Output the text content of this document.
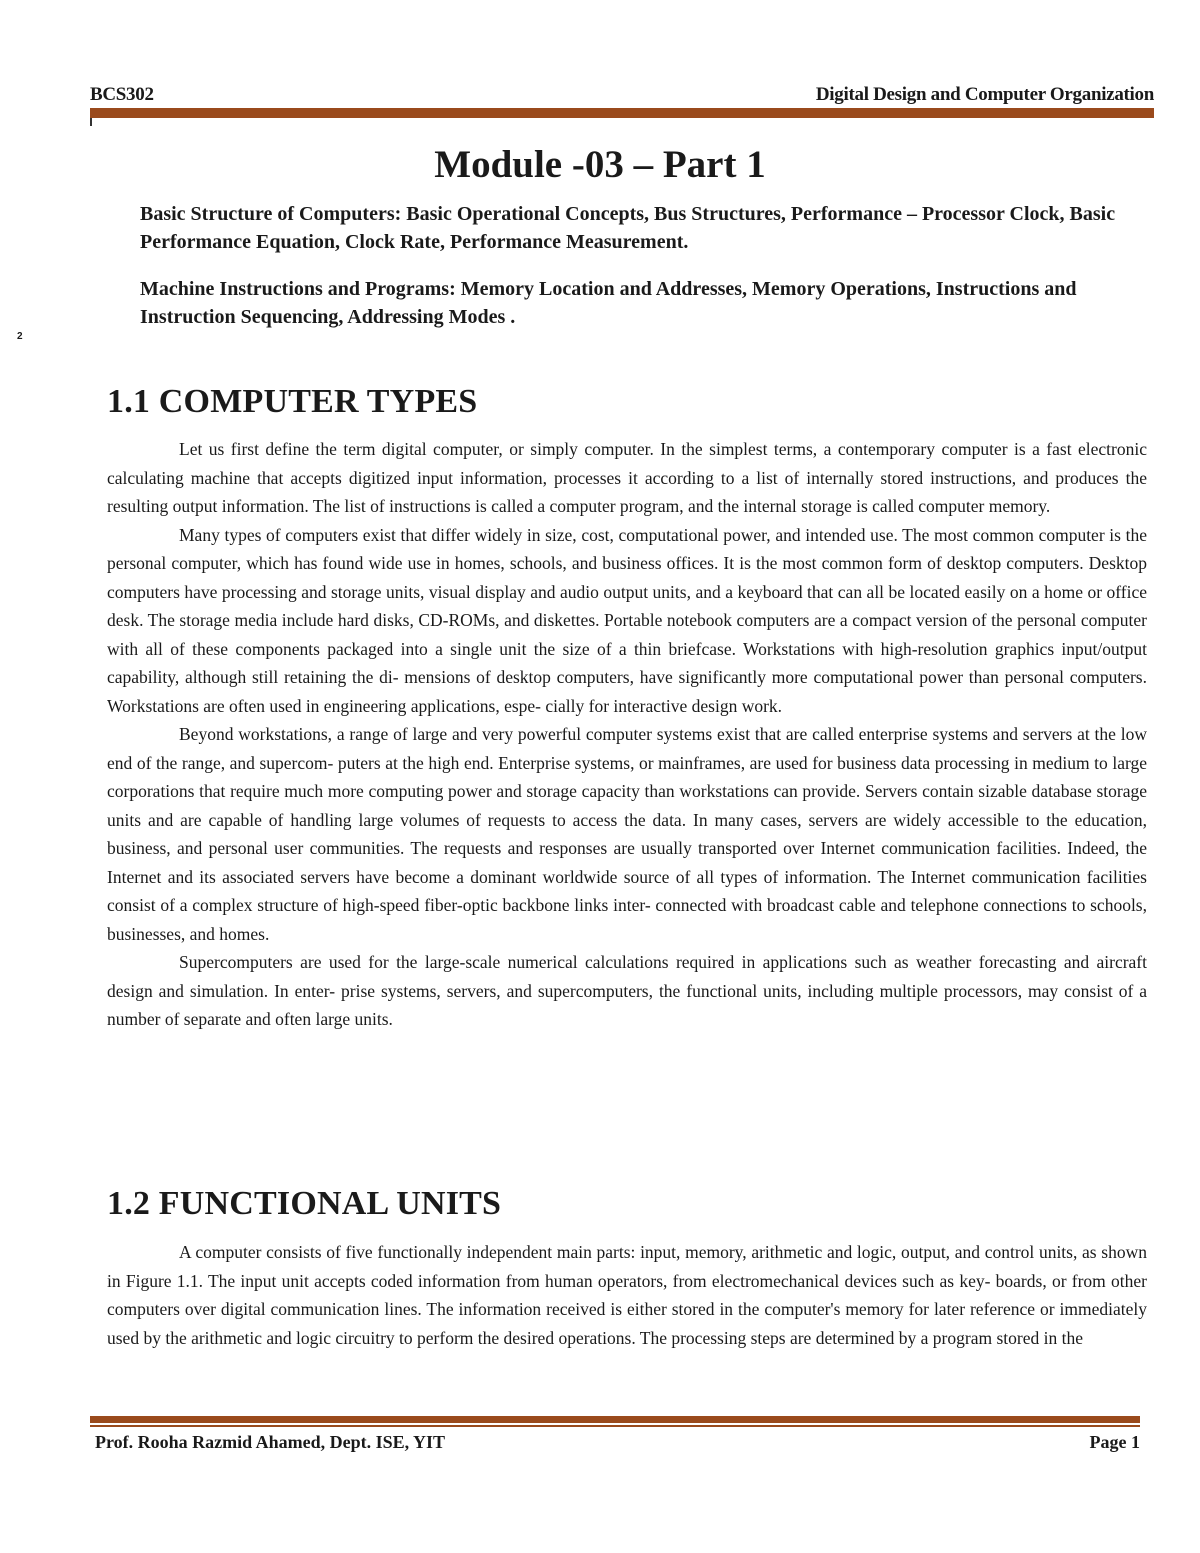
BCS302	Digital Design and Computer Organization
Module -03 – Part 1
Basic Structure of Computers: Basic Operational Concepts, Bus Structures, Performance – Processor Clock, Basic Performance Equation, Clock Rate, Performance Measurement.
Machine Instructions and Programs: Memory Location and Addresses, Memory Operations, Instructions and Instruction Sequencing, Addressing Modes .
2
1.1 COMPUTER TYPES

Let us first define the term digital computer, or simply computer. In the simplest terms, a contemporary computer is a fast electronic calculating machine that accepts digitized input information, processes it according to a list of internally stored instructions, and produces the resulting output information. The list of instructions is called a computer program, and the internal storage is called computer memory.

Many types of computers exist that differ widely in size, cost, computational power, and intended use. The most common computer is the personal computer, which has found wide use in homes, schools, and business offices. It is the most common form of desktop computers. Desktop computers have processing and storage units, visual display and audio output units, and a keyboard that can all be located easily on a home or office desk. The storage media include hard disks, CD-ROMs, and diskettes. Portable notebook computers are a compact version of the personal computer with all of these components packaged into a single unit the size of a thin briefcase. Workstations with high-resolution graphics input/output capability, although still retaining the di- mensions of desktop computers, have significantly more computational power than personal computers. Workstations are often used in engineering applications, espe- cially for interactive design work.

Beyond workstations, a range of large and very powerful computer systems exist that are called enterprise systems and servers at the low end of the range, and supercom- puters at the high end. Enterprise systems, or mainframes, are used for business data processing in medium to large corporations that require much more computing power and storage capacity than workstations can provide. Servers contain sizable database storage units and are capable of handling large volumes of requests to access the data. In many cases, servers are widely accessible to the education, business, and personal user communities. The requests and responses are usually transported over Internet communication facilities. Indeed, the Internet and its associated servers have become a dominant worldwide source of all types of information. The Internet communication facilities consist of a complex structure of high-speed fiber-optic backbone links inter- connected with broadcast cable and telephone connections to schools, businesses, and homes.

Supercomputers are used for the large-scale numerical calculations required in applications such as weather forecasting and aircraft design and simulation. In enter- prise systems, servers, and supercomputers, the functional units, including multiple processors, may consist of a number of separate and often large units.

1.2 FUNCTIONAL UNITS

A computer consists of five functionally independent main parts: input, memory, arithmetic and logic, output, and control units, as shown in Figure 1.1. The input unit accepts coded information from human operators, from electromechanical devices such as key- boards, or from other computers over digital communication lines. The information received is either stored in the computer's memory for later reference or immediately used by the arithmetic and logic circuitry to perform the desired operations. The processing steps are determined by a program stored in the

Prof. Rooha Razmid Ahamed, Dept. ISE, YIT	Page 1
